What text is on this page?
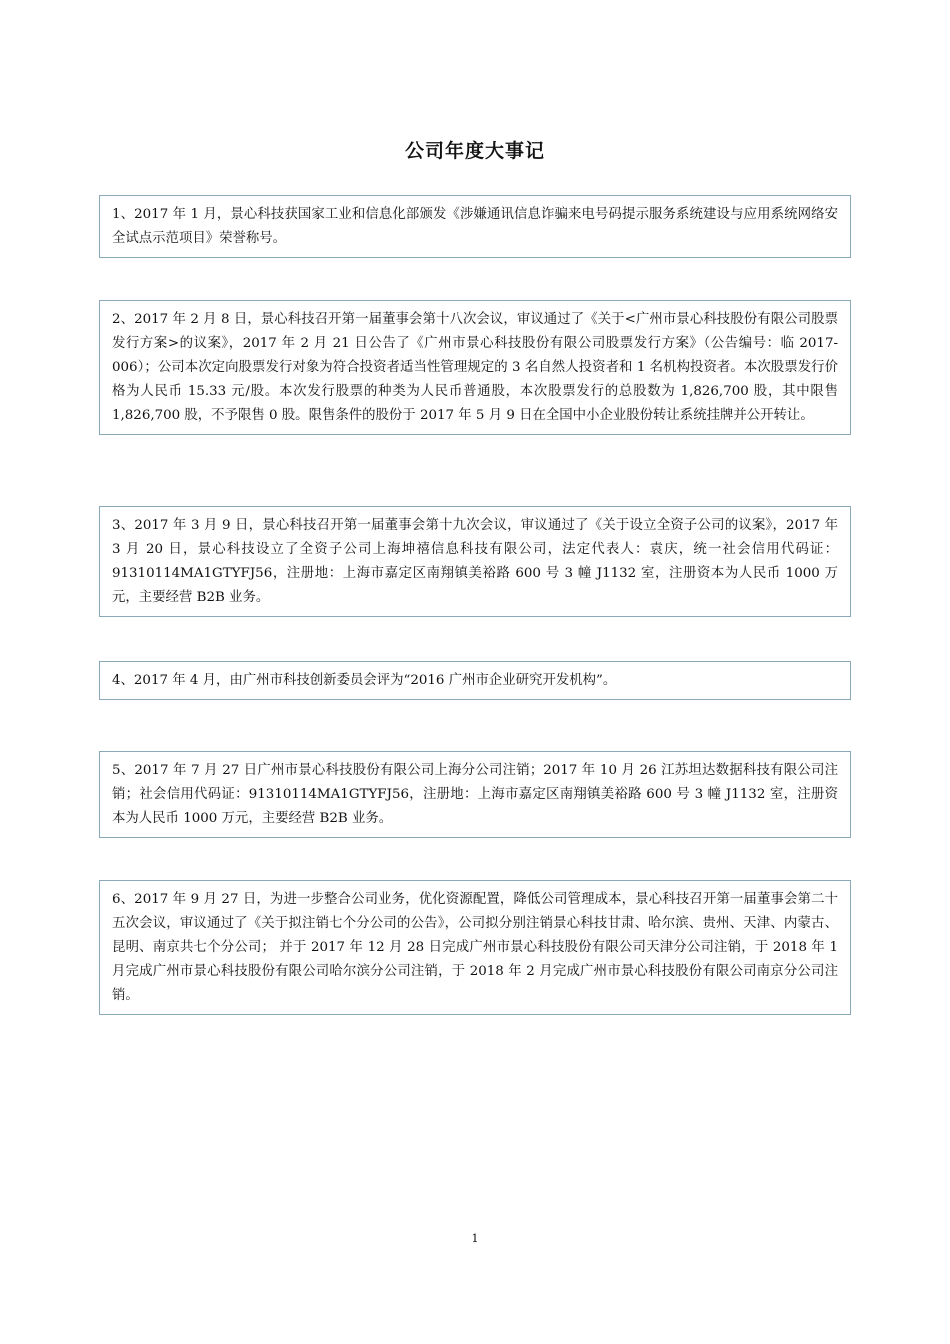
公司年度大事记
1、2017 年 1 月，景心科技获国家工业和信息化部颁发《涉嫌通讯信息诈骗来电号码提示服务系统建设与应用系统网络安全试点示范项目》荣誉称号。
2、2017 年 2 月 8 日，景心科技召开第一届董事会第十八次会议，审议通过了《关于<广州市景心科技股份有限公司股票发行方案>的议案》，2017 年 2 月 21 日公告了《广州市景心科技股份有限公司股票发行方案》（公告编号：临 2017-006）；公司本次定向股票发行对象为符合投资者适当性管理规定的 3 名自然人投资者和 1 名机构投资者。本次股票发行价格为人民币 15.33 元/股。本次发行股票的种类为人民币普通股，本次股票发行的总股数为 1,826,700 股，其中限售 1,826,700 股，不予限售 0 股。限售条件的股份于 2017 年 5 月 9 日在全国中小企业股份转让系统挂牌并公开转让。
3、2017 年 3 月 9 日，景心科技召开第一届董事会第十九次会议，审议通过了《关于设立全资子公司的议案》，2017 年 3 月 20 日，景心科技设立了全资子公司上海坤禧信息科技有限公司，法定代表人：袁庆，统一社会信用代码证：91310114MA1GTYFJ56，注册地：上海市嘉定区南翔镇美裕路 600 号 3 幢 J1132 室，注册资本为人民币 1000 万元，主要经营 B2B 业务。
4、2017 年 4 月，由广州市科技创新委员会评为“2016 广州市企业研究开发机构”。
5、2017 年 7 月 27 日广州市景心科技股份有限公司上海分公司注销；2017 年 10 月 26 江苏坦达数据科技有限公司注销；社会信用代码证：91310114MA1GTYFJ56，注册地：上海市嘉定区南翔镇美裕路 600 号 3 幢 J1132 室，注册资本为人民币 1000 万元，主要经营 B2B 业务。
6、2017 年 9 月 27 日，为进一步整合公司业务，优化资源配置，降低公司管理成本，景心科技召开第一届董事会第二十五次会议，审议通过了《关于拟注销七个分公司的公告》，公司拟分别注销景心科技甘肃、哈尔滨、贵州、天津、内蒙古、昆明、南京共七个分公司； 并于 2017 年 12 月 28 日完成广州市景心科技股份有限公司天津分公司注销，于 2018 年 1 月完成广州市景心科技股份有限公司哈尔滨分公司注销，于 2018 年 2 月完成广州市景心科技股份有限公司南京分公司注销。
1
